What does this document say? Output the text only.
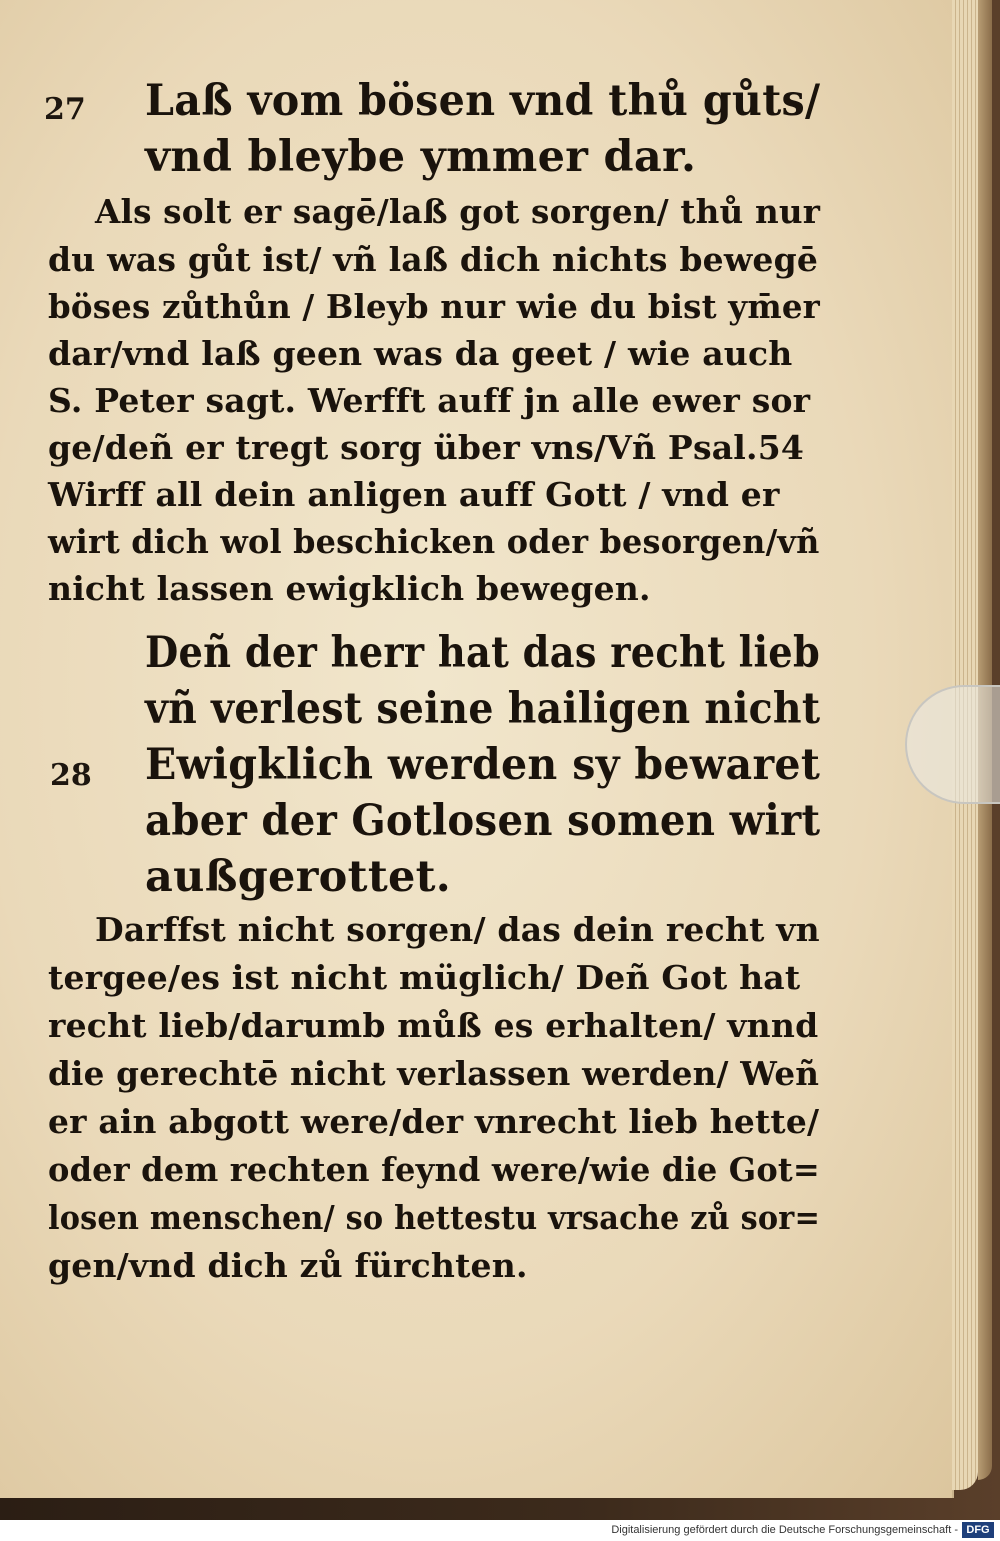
27 Laß vom bösen vnd thů gůts/
vnd bleybe ymmer dar.
Als solt er sagē/laß got sorgen/ thů nur
du was gůt ist/ vñ laß dich nichts bewegē
böses zůthůn / Bleyb nur wie du bist ym̄er
dar/vnd laß geen was da geet / wie auch
S. Peter sagt. Werfft auff jn alle ewer sor
ge/deñ er tregt sorg über vns/Vñ Psal.54
Wirff all dein anligen auff Gott / vnd er
wirt dich wol beschicken oder besorgen/vñ
nicht lassen ewigklich bewegen.
Deñ der herr hat das recht lieb
vñ verlest seine hailigen nicht
28 Ewigklich werden sy bewaret
aber der Gotlosen somen wirt
außgerottet.
Darffst nicht sorgen/ das dein recht vn
tergee/es ist nicht müglich/ Deñ Got hat
recht lieb/darumb můß es erhalten/ vnnd
die gerechtē nicht verlassen werden/ Weñ
er ain abgott were/der vnrecht lieb hette/
oder dem rechten feynd were/wie die Got=
losen menschen/ so hettestu vrsache zů sor=
gen/vnd dich zů fürchten.
Digitalisierung gefördert durch die Deutsche Forschungsgemeinschaft - DFG
